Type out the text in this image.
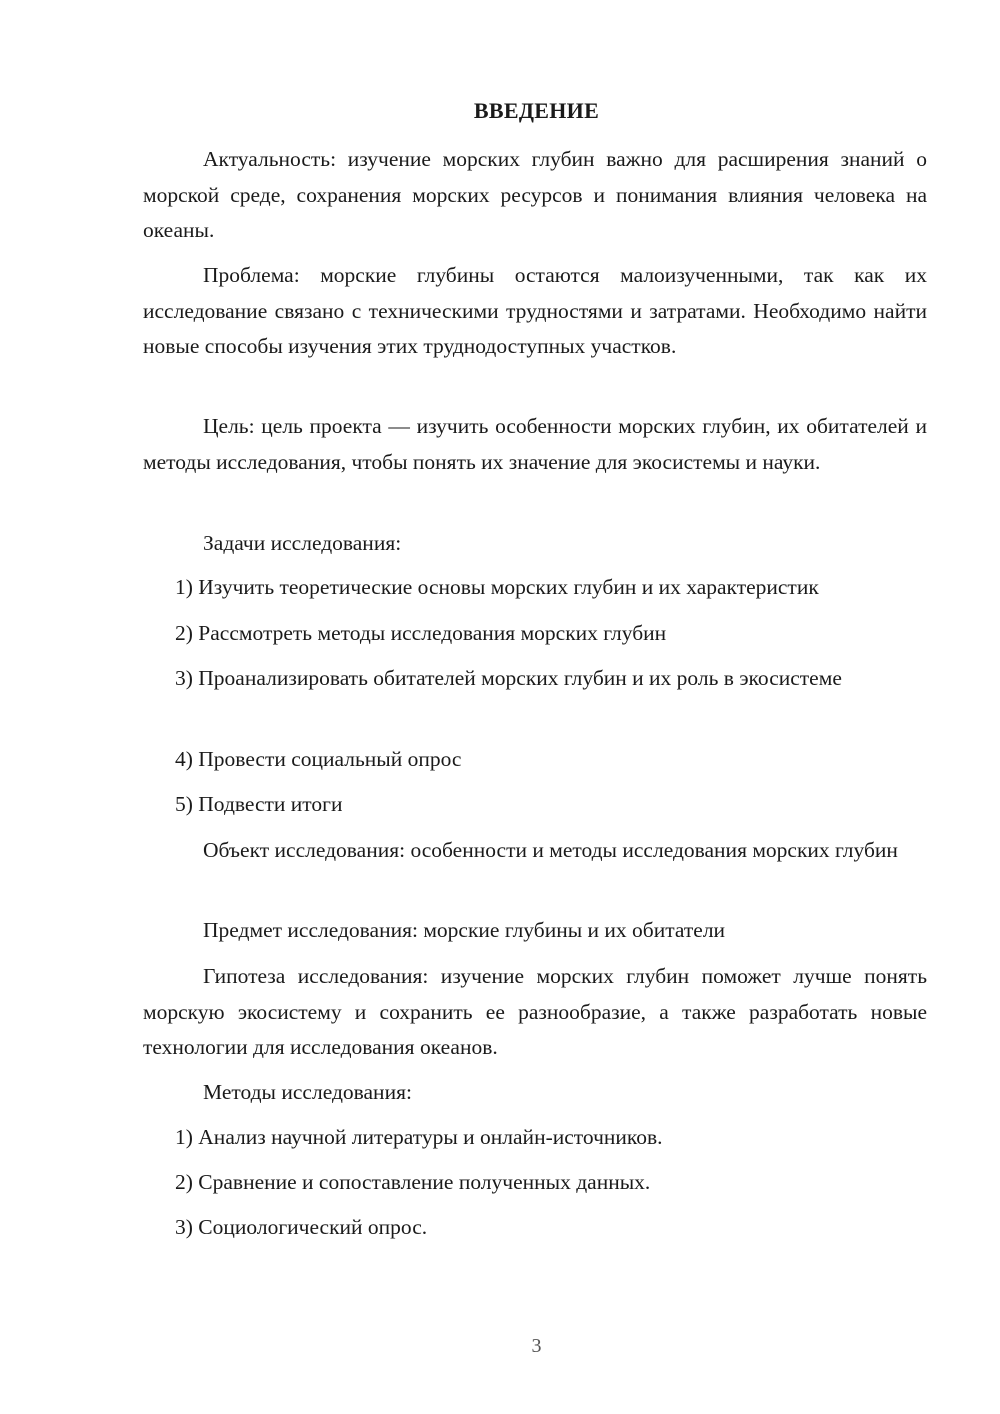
ВВЕДЕНИЕ

Актуальность: изучение морских глубин важно для расширения знаний о морской среде, сохранения морских ресурсов и понимания влияния человека на океаны.

Проблема: морские глубины остаются малоизученными, так как их исследование связано с техническими трудностями и затратами. Необходимо найти новые способы изучения этих труднодоступных участков.

Цель: цель проекта — изучить особенности морских глубин, их обитателей и методы исследования, чтобы понять их значение для экосистемы и науки.

Задачи исследования:

1) Изучить теоретические основы морских глубин и их характеристик

2) Рассмотреть методы исследования морских глубин

3) Проанализировать обитателей морских глубин и их роль в экосистеме

4) Провести социальный опрос

5) Подвести итоги

Объект исследования: особенности и методы исследования морских глубин

Предмет исследования: морские глубины и их обитатели

Гипотеза исследования: изучение морских глубин поможет лучше понять морскую экосистему и сохранить ее разнообразие, а также разработать новые технологии для исследования океанов.

Методы исследования:

1) Анализ научной литературы и онлайн-источников.

2) Сравнение и сопоставление полученных данных.

3) Социологический опрос.

3
